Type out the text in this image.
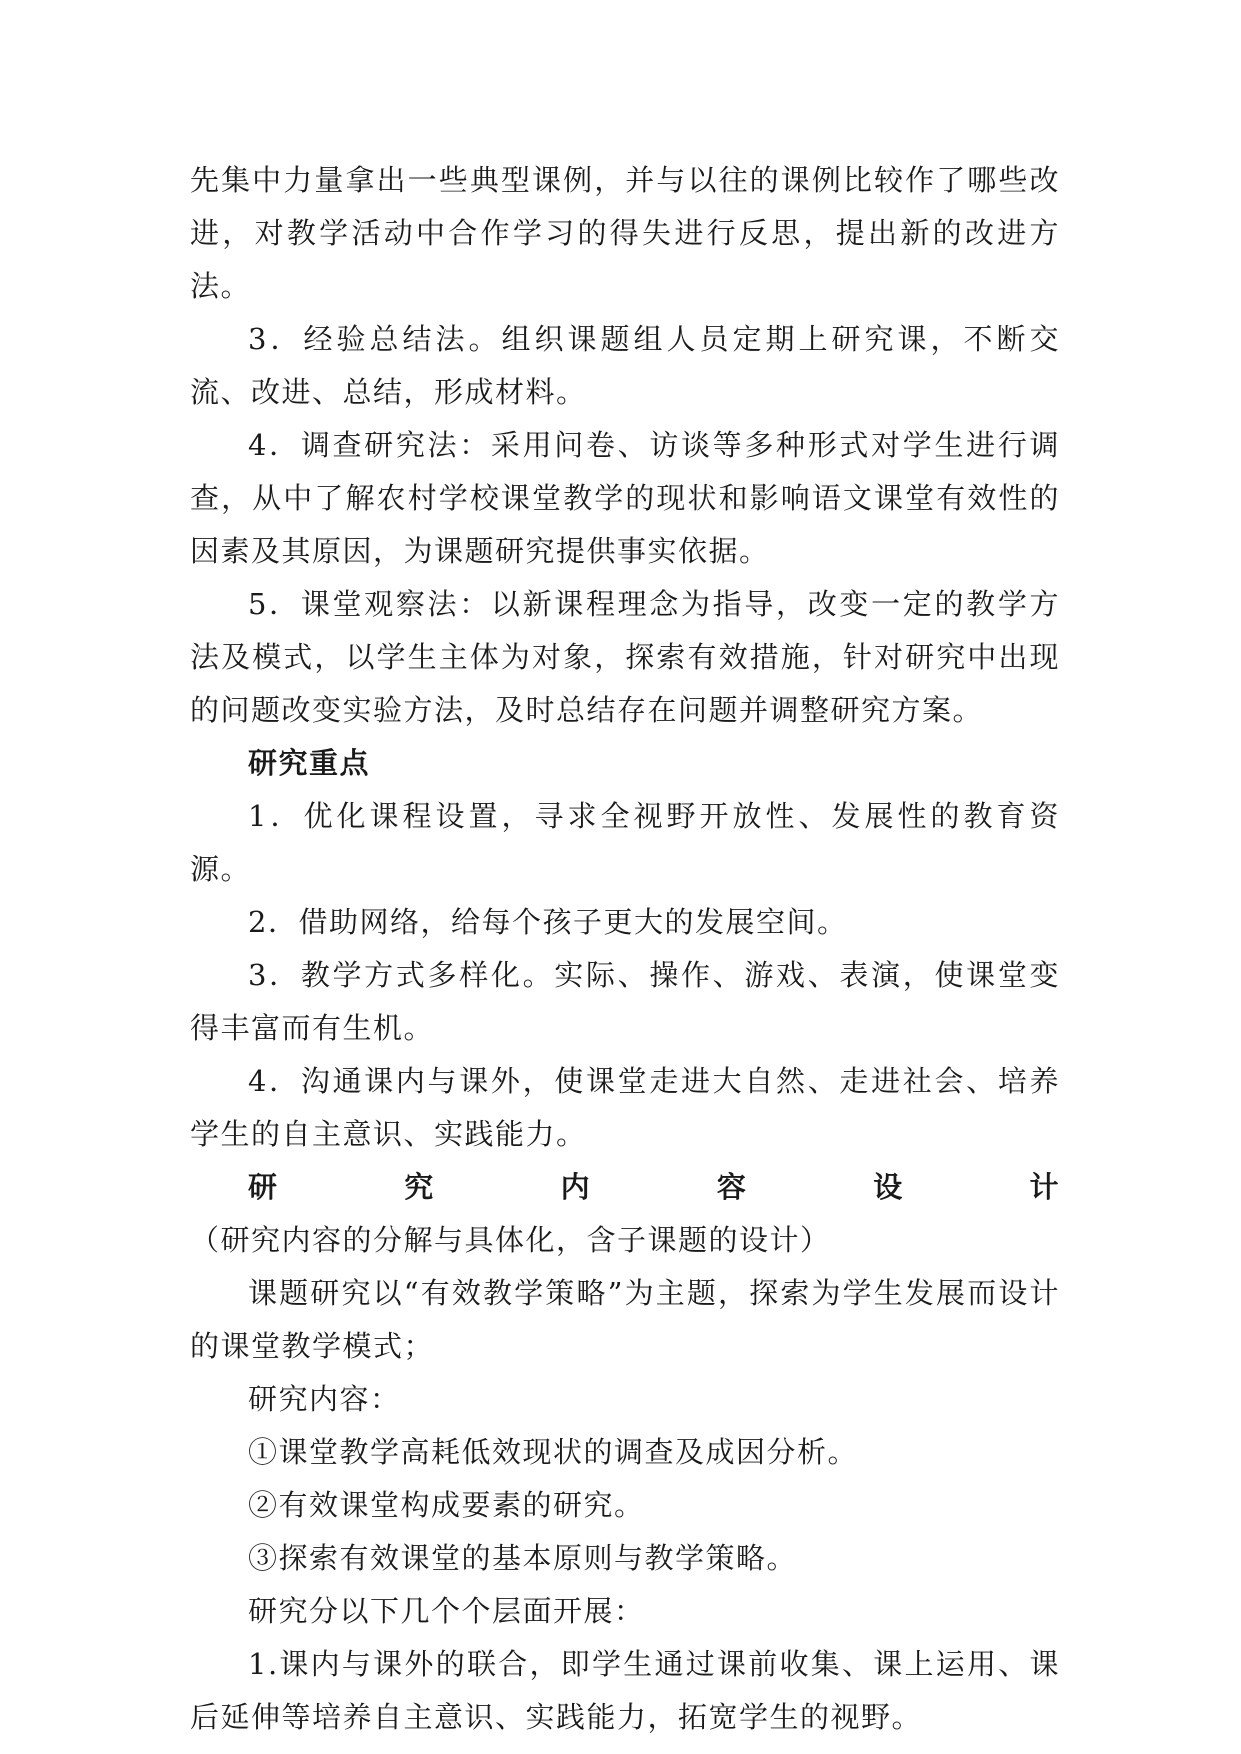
先集中力量拿出一些典型课例，并与以往的课例比较作了哪些改进，对教学活动中合作学习的得失进行反思，提出新的改进方法。

3．经验总结法。组织课题组人员定期上研究课，不断交流、改进、总结，形成材料。

4．调查研究法：采用问卷、访谈等多种形式对学生进行调查，从中了解农村学校课堂教学的现状和影响语文课堂有效性的因素及其原因，为课题研究提供事实依据。

5．课堂观察法：以新课程理念为指导，改变一定的教学方法及模式，以学生主体为对象，探索有效措施，针对研究中出现的问题改变实验方法，及时总结存在问题并调整研究方案。

研究重点

1．优化课程设置，寻求全视野开放性、发展性的教育资源。

2．借助网络，给每个孩子更大的发展空间。

3．教学方式多样化。实际、操作、游戏、表演，使课堂变得丰富而有生机。

4．沟通课内与课外，使课堂走进大自然、走进社会、培养学生的自主意识、实践能力。

研究内容设计（研究内容的分解与具体化，含子课题的设计）

课题研究以“有效教学策略”为主题，探索为学生发展而设计的课堂教学模式；

研究内容：

①课堂教学高耗低效现状的调查及成因分析。

②有效课堂构成要素的研究。

③探索有效课堂的基本原则与教学策略。

研究分以下几个个层面开展：

1.课内与课外的联合，即学生通过课前收集、课上运用、课后延伸等培养自主意识、实践能力，拓宽学生的视野。
